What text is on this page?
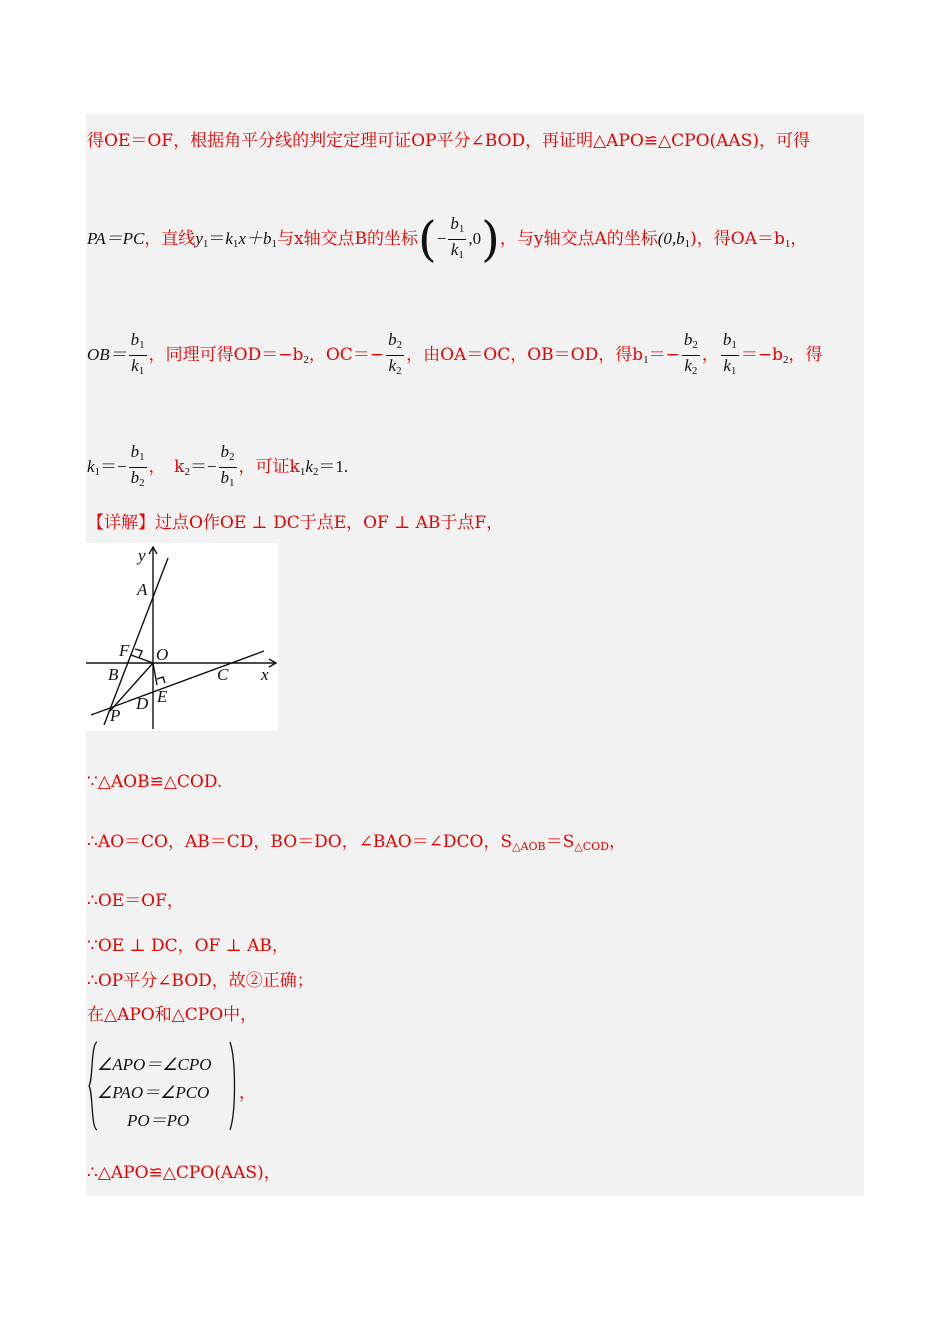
得OE＝OF，根据角平分线的判定定理可证OP平分∠BOD，再证明△APO≌△CPO(AAS)，可得
PA＝PC，直线$y_1=k_1x+b_1$与x轴交点B的坐标(− $\frac{b_1}{k_1} ,0$)，与y轴交点A的坐标$(0,b_1)$，得$OA=b_1$，
$OB= \frac{b_1}{k_1}$ ，同理可得$OD=-b_2$，$OC=- \frac{b_2}{k_2}$ ，由OA＝OC，OB＝OD，得$b_1=- \frac{b_2}{k_2}$ ， $\frac{b_1}{k_1} =-b_2$，得
$k_1=- \frac{b_1}{b_2}$ ，　$k_2=- \frac{b_2}{b_1}$ ，可证$k_1k_2=1$.
【详解】过点O作OE ⊥ DC于点E，OF ⊥ AB于点F，
y
A
F O
B	C x
E
D
P
∵△AOB≌△COD.
∴AO＝CO，AB＝CD，BO＝DO，∠BAO＝∠DCO，$S_{\triangle AOB}=S_{\triangle COD}$，
∴OE＝OF，
∵OE ⊥ DC，OF ⊥ AB，
∴OP平分∠BOD，故②正确；
在△APO和△CPO中，
∠APO＝∠CPO
∠PAO＝∠PCO
PO＝PO
，
∴△APO≌△CPO(AAS)，
